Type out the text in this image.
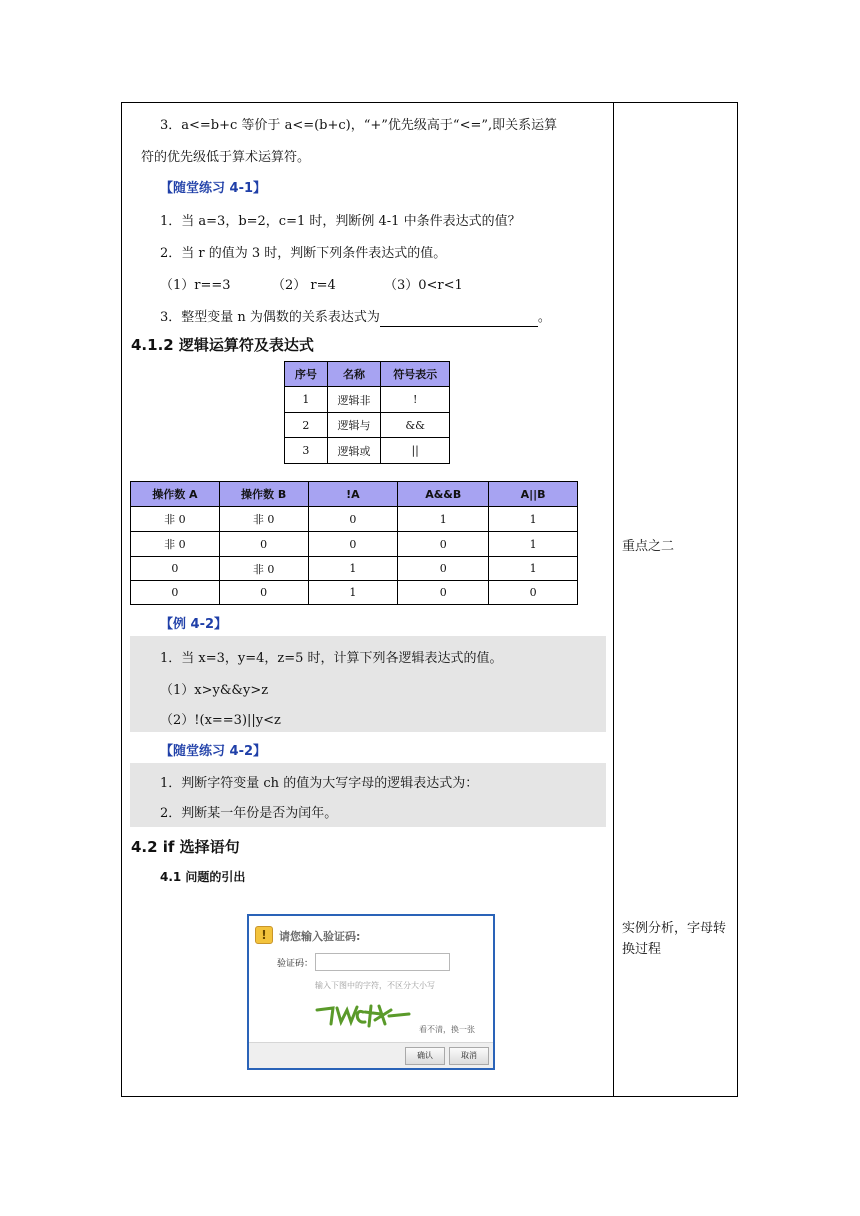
3．a<=b+c 等价于 a<=(b+c)，“+”优先级高于“<=”,即关系运算
符的优先级低于算术运算符。
【随堂练习 4-1】
1．当 a=3，b=2，c=1 时，判断例 4-1 中条件表达式的值？
2．当 r 的值为 3 时，判断下列条件表达式的值。
（1）r==3	（2） r=4	（3）0<r<1
3．整型变量 n 为偶数的关系表达式为	。
4.1.2 逻辑运算符及表达式
序号	名称	符号表示
1	逻辑非	!
2	逻辑与	&&
3	逻辑或	||
操作数 A	操作数 B	!A	A&&B	A||B
非 0	非 0	0	1	1
非 0	0	0	0	1
0	非 0	1	0	1
0	0	1	0	0
【例 4-2】
1．当 x=3，y=4，z=5 时，计算下列各逻辑表达式的值。
（1）x>y&&y>z
（2）!(x==3)||y<z
【随堂练习 4-2】
1．判断字符变量 ch 的值为大写字母的逻辑表达式为：
2．判断某一年份是否为闰年。
4.2 if 选择语句
4.1 问题的引出
!	请您输入验证码:
验证码：
输入下图中的字符，不区分大小写
看不清，换一张
确认	取消
重点之二
实例分析，字母转换过程
